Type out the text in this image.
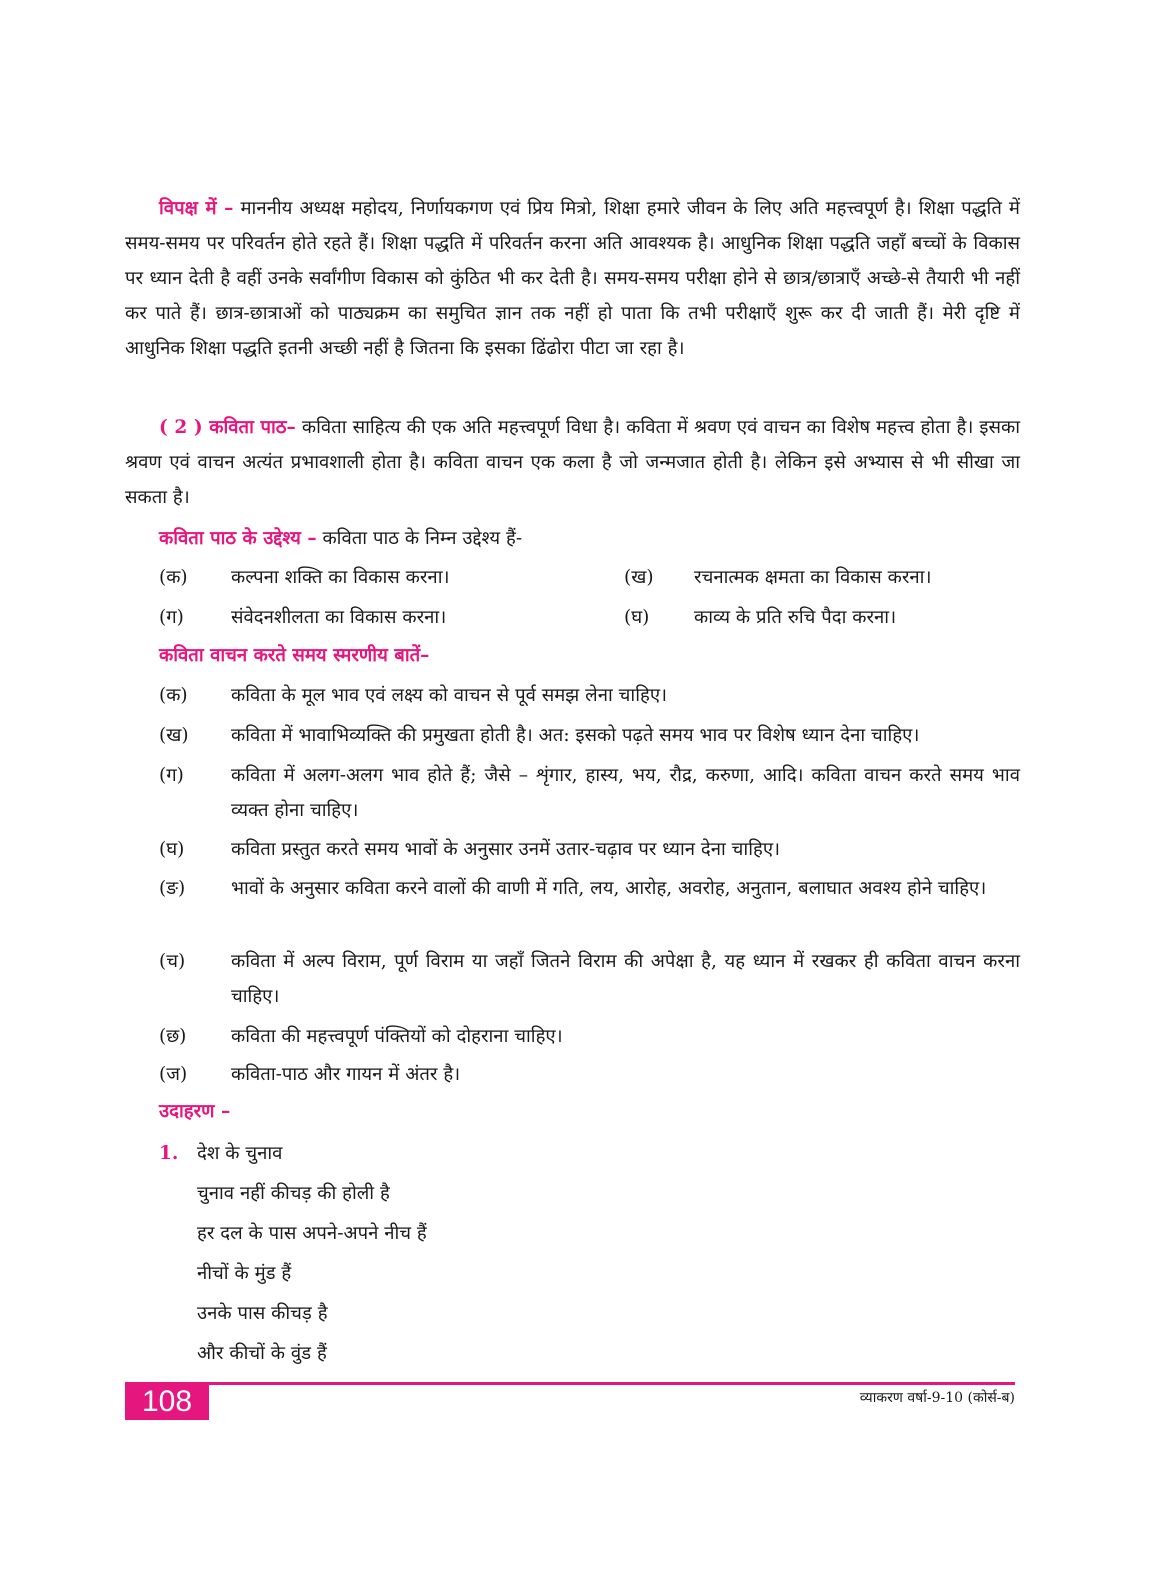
विपक्ष में – माननीय अध्यक्ष महोदय, निर्णायकगण एवं प्रिय मित्रो, शिक्षा हमारे जीवन के लिए अति महत्त्वपूर्ण है। शिक्षा पद्धति में समय-समय पर परिवर्तन होते रहते हैं। शिक्षा पद्धति में परिवर्तन करना अति आवश्यक है। आधुनिक शिक्षा पद्धति जहाँ बच्चों के विकास पर ध्यान देती है वहीं उनके सर्वांगीण विकास को कुंठित भी कर देती है। समय-समय परीक्षा होने से छात्र/छात्राएँ अच्छे-से तैयारी भी नहीं कर पाते हैं। छात्र-छात्राओं को पाठ्यक्रम का समुचित ज्ञान तक नहीं हो पाता कि तभी परीक्षाएँ शुरू कर दी जाती हैं। मेरी दृष्टि में आधुनिक शिक्षा पद्धति इतनी अच्छी नहीं है जितना कि इसका ढिंढोरा पीटा जा रहा है।

( 2 ) कविता पाठ– कविता साहित्य की एक अति महत्त्वपूर्ण विधा है। कविता में श्रवण एवं वाचन का विशेष महत्त्व होता है। इसका श्रवण एवं वाचन अत्यंत प्रभावशाली होता है। कविता वाचन एक कला है जो जन्मजात होती है। लेकिन इसे अभ्यास से भी सीखा जा सकता है।

कविता पाठ के उद्देश्य – कविता पाठ के निम्न उद्देश्य हैं-

(क)	कल्पना शक्ति का विकास करना।	(ख)	रचनात्मक क्षमता का विकास करना।
(ग)	संवेदनशीलता का विकास करना।	(घ)	काव्य के प्रति रुचि पैदा करना।

कविता वाचन करते समय स्मरणीय बातें–

(क)	कविता के मूल भाव एवं लक्ष्य को वाचन से पूर्व समझ लेना चाहिए।
(ख)	कविता में भावाभिव्यक्ति की प्रमुखता होती है। अत: इसको पढ़ते समय भाव पर विशेष ध्यान देना चाहिए।
(ग)	कविता में अलग-अलग भाव होते हैं; जैसे – शृंगार, हास्य, भय, रौद्र, करुणा, आदि। कविता वाचन करते समय भाव व्यक्त होना चाहिए।
(घ)	कविता प्रस्तुत करते समय भावों के अनुसार उनमें उतार-चढ़ाव पर ध्यान देना चाहिए।
(ङ)	भावों के अनुसार कविता करने वालों की वाणी में गति, लय, आरोह, अवरोह, अनुतान, बलाघात अवश्य होने चाहिए।
(च)	कविता में अल्प विराम, पूर्ण विराम या जहाँ जितने विराम की अपेक्षा है, यह ध्यान में रखकर ही कविता वाचन करना चाहिए।
(छ)	कविता की महत्त्वपूर्ण पंक्तियों को दोहराना चाहिए।
(ज)	कविता-पाठ और गायन में अंतर है।

उदाहरण –

1. देश के चुनाव
चुनाव नहीं कीचड़ की होली है
हर दल के पास अपने-अपने नीच हैं
नीचों के मुंड हैं
उनके पास कीचड़ है
और कीचों के वुंड हैं
108	व्याकरण वर्षा-9-10 (कोर्स-ब)
